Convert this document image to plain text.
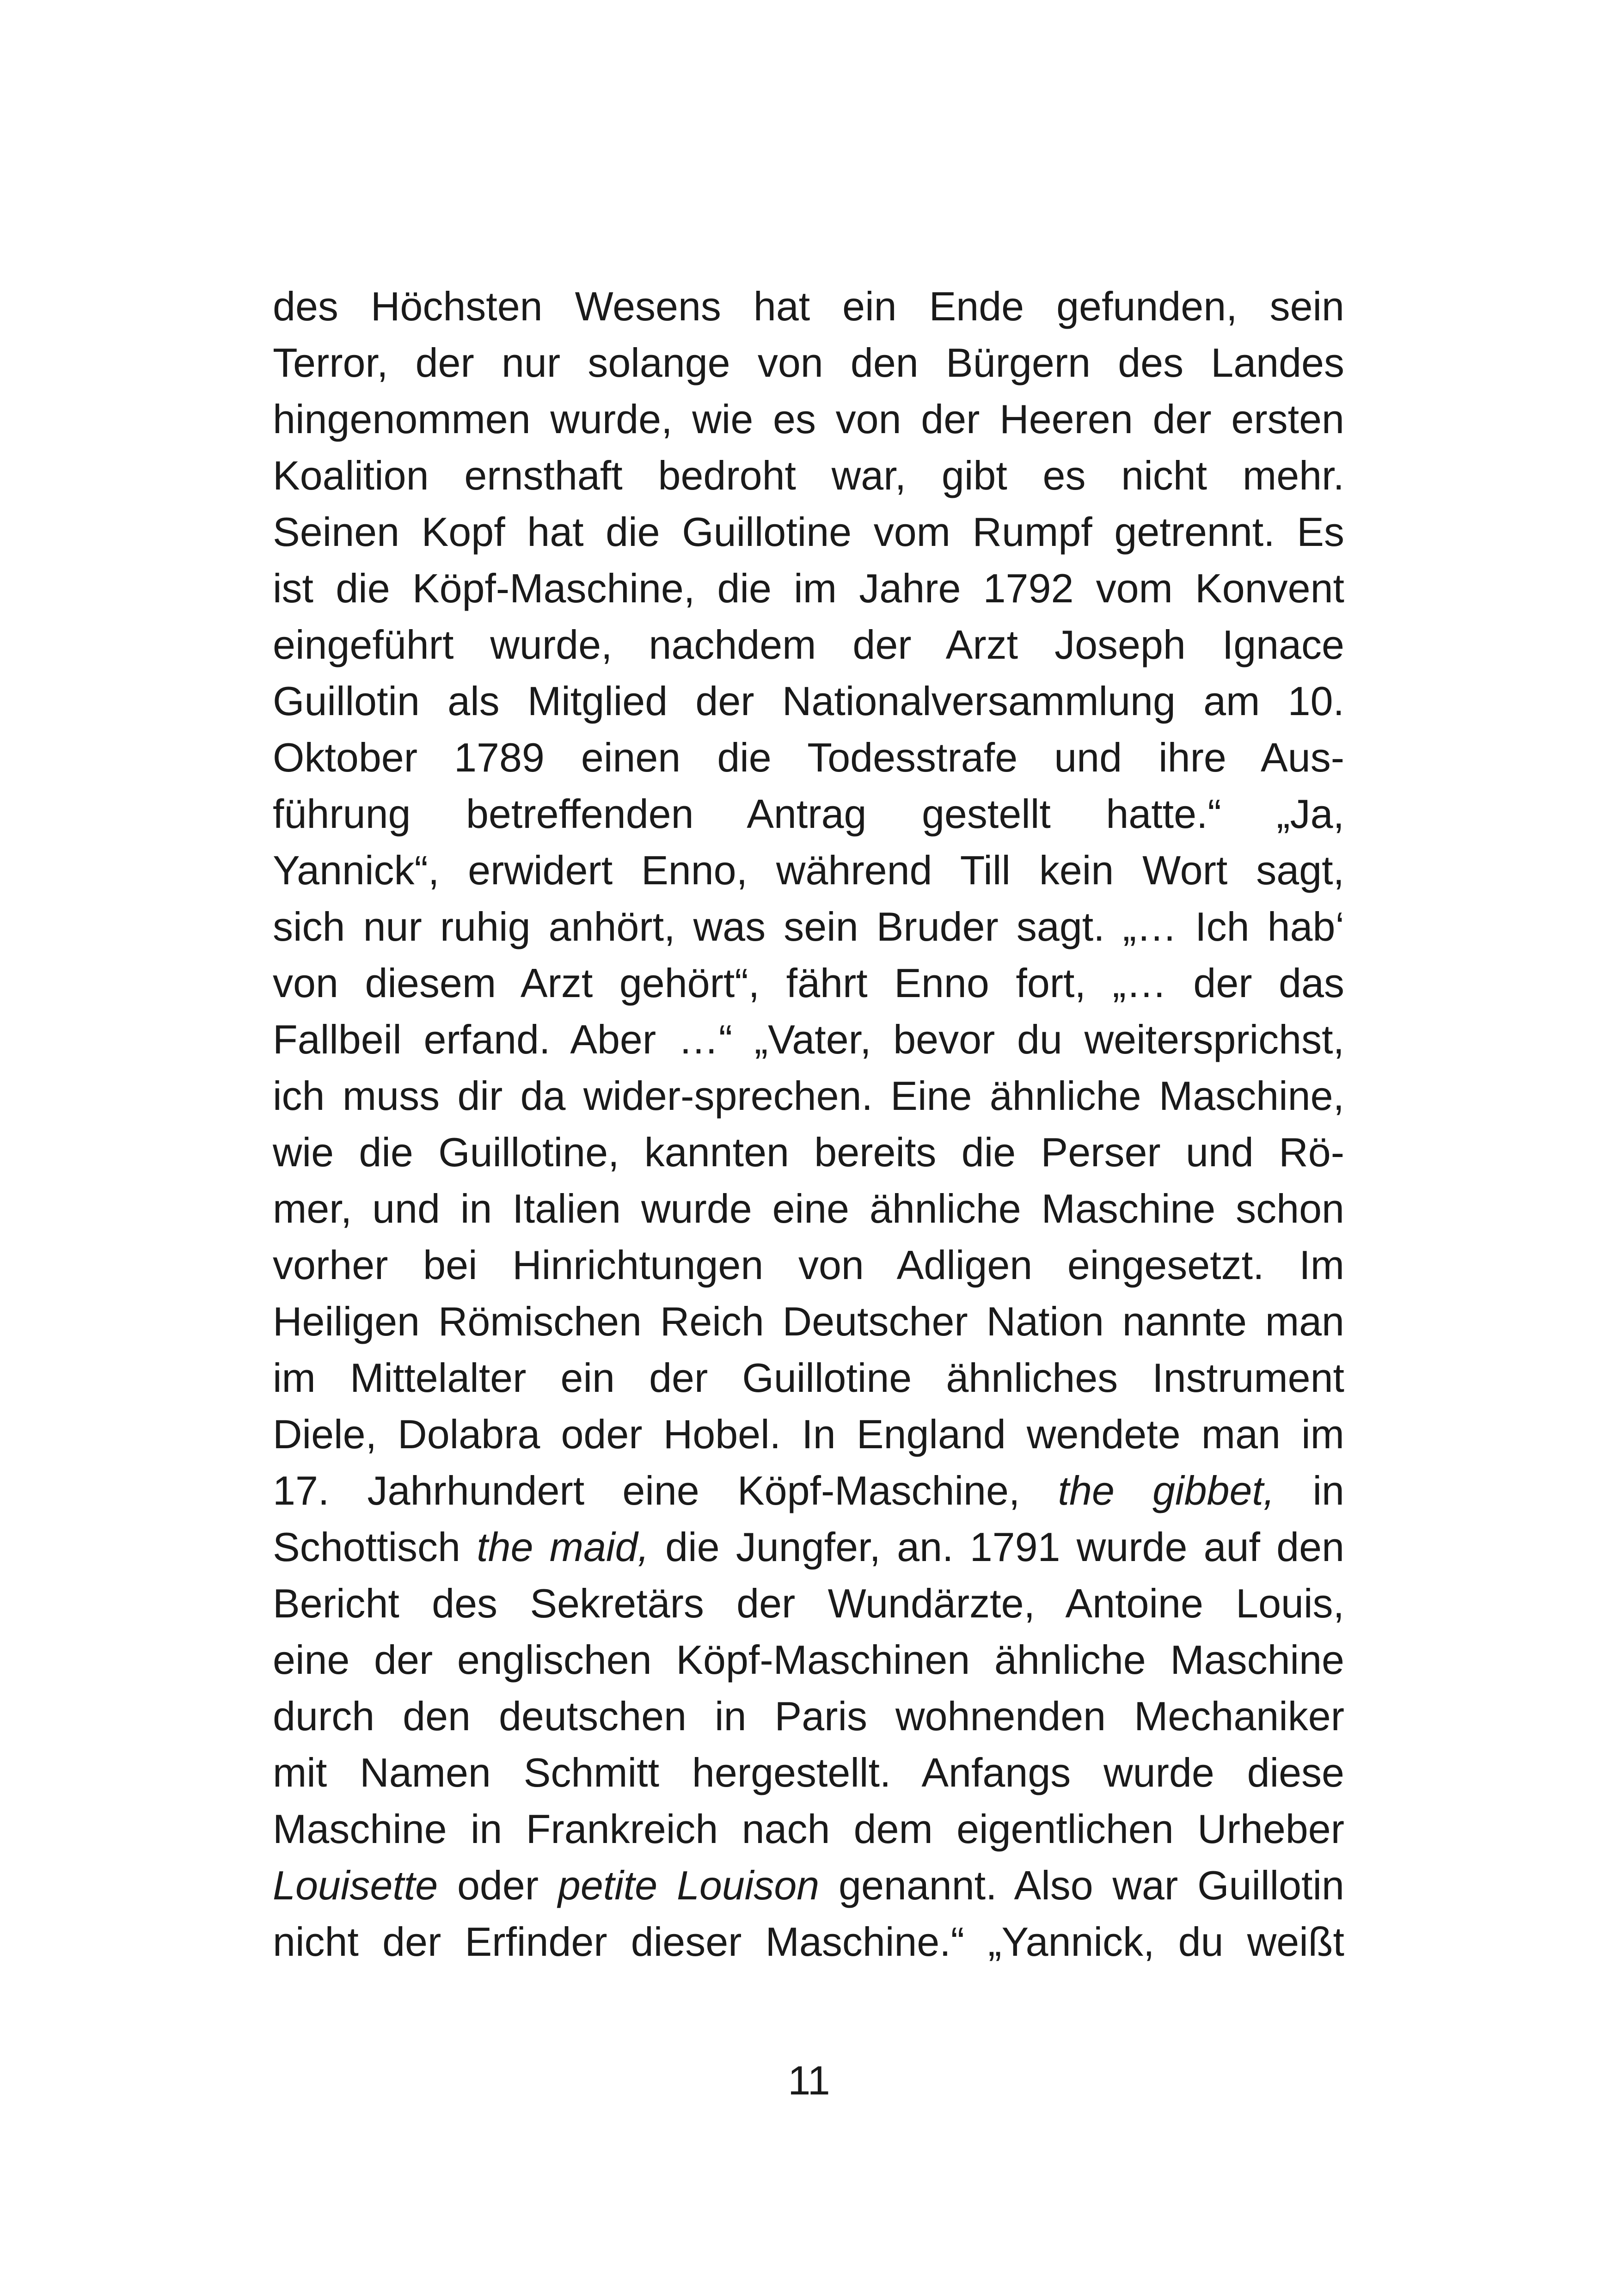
des Höchsten Wesens hat ein Ende gefunden, sein
Terror, der nur solange von den Bürgern des Landes
hingenommen wurde, wie es von der Heeren der ersten
Koalition ernsthaft bedroht war, gibt es nicht mehr.
Seinen Kopf hat die Guillotine vom Rumpf getrennt. Es
ist die Köpf-Maschine, die im Jahre 1792 vom Konvent
eingeführt wurde, nachdem der Arzt Joseph Ignace
Guillotin als Mitglied der Nationalversammlung am 10.
Oktober 1789 einen die Todesstrafe und ihre Aus-
führung betreffenden Antrag gestellt hatte.“ „Ja,
Yannick“, erwidert Enno, während Till kein Wort sagt,
sich nur ruhig anhört, was sein Bruder sagt. „… Ich hab‘
von diesem Arzt gehört“, fährt Enno fort, „… der das
Fallbeil erfand. Aber …“ „Vater, bevor du weitersprichst,
ich muss dir da wider-sprechen. Eine ähnliche Maschine,
wie die Guillotine, kannten bereits die Perser und Rö-
mer, und in Italien wurde eine ähnliche Maschine schon
vorher bei Hinrichtungen von Adligen eingesetzt. Im
Heiligen Römischen Reich Deutscher Nation nannte man
im Mittelalter ein der Guillotine ähnliches Instrument
Diele, Dolabra oder Hobel. In England wendete man im
17. Jahrhundert eine Köpf-Maschine, the gibbet, in
Schottisch the maid, die Jungfer, an. 1791 wurde auf den
Bericht des Sekretärs der Wundärzte, Antoine Louis,
eine der englischen Köpf-Maschinen ähnliche Maschine
durch den deutschen in Paris wohnenden Mechaniker
mit Namen Schmitt hergestellt. Anfangs wurde diese
Maschine in Frankreich nach dem eigentlichen Urheber
Louisette oder petite Louison genannt. Also war Guillotin
nicht der Erfinder dieser Maschine.“ „Yannick, du weißt
11
